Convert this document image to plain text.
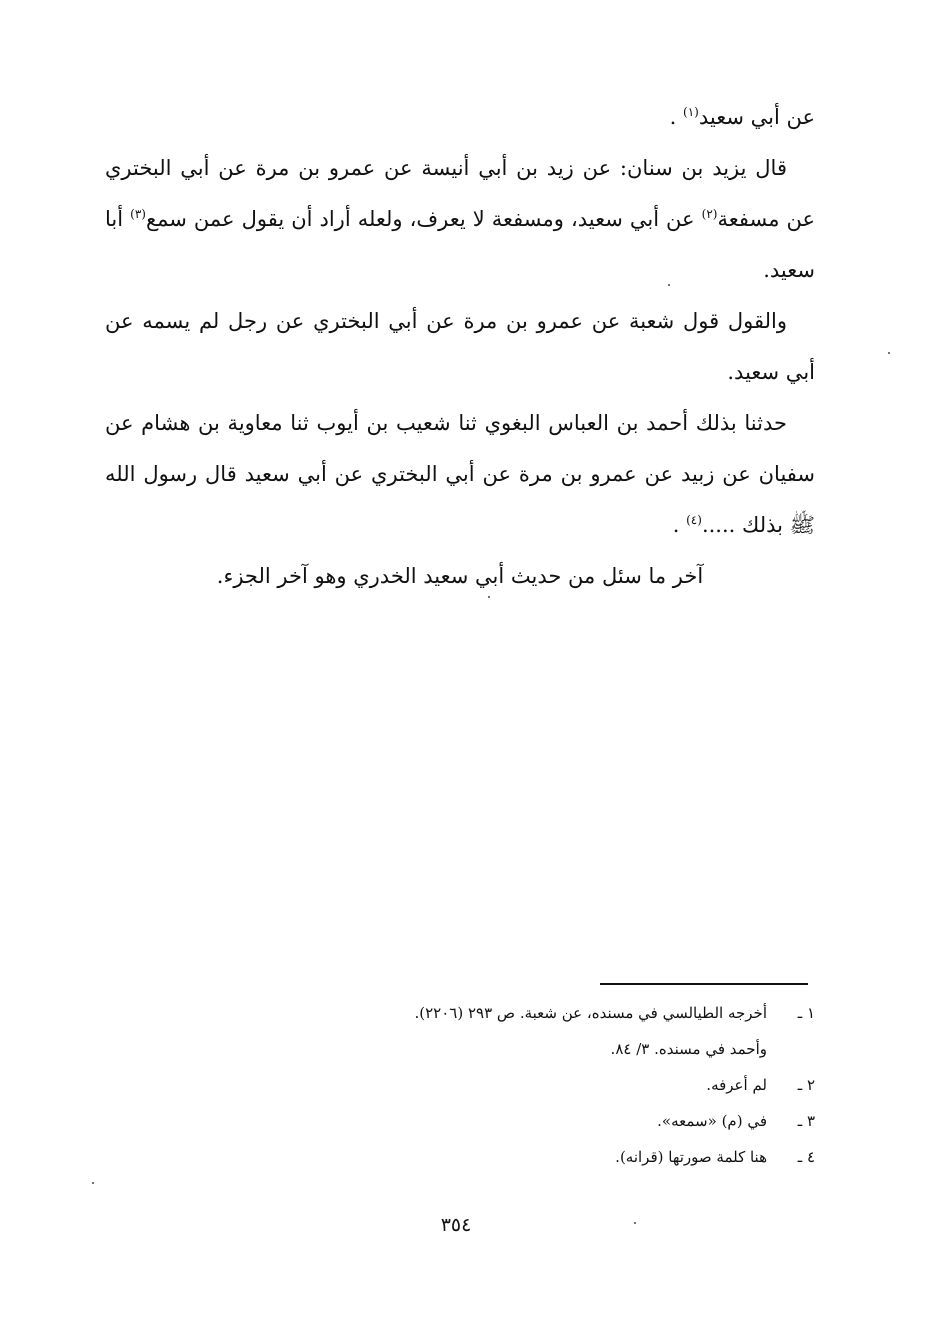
عن أبي سعيد$^{(١)}$ .

قال يزيد بن سنان: عن زيد بن أبي أنيسة عن عمرو بن مرة عن أبي البختري عن مسفعة$^{(٢)}$ عن أبي سعيد، ومسفعة لا يعرف، ولعله أراد أن يقول عمن سمع$^{(٣)}$ أبا سعيد.

والقول قول شعبة عن عمرو بن مرة عن أبي البختري عن رجل لم يسمه عن أبي سعيد.

حدثنا بذلك أحمد بن العباس البغوي ثنا شعيب بن أيوب ثنا معاوية بن هشام عن سفيان عن زبيد عن عمرو بن مرة عن أبي البختري عن أبي سعيد قال رسول الله ﷺ بذلك .....$^{(٤)}$ .

آخر ما سئل من حديث أبي سعيد الخدري وهو آخر الجزء.

١ ـ
أخرجه الطيالسي في مسنده، عن شعبة. ص ٢٩٣ (٢٢٠٦).
وأحمد في مسنده. ٣/ ٨٤.
٢ ـ
لم أعرفه.
٣ ـ
في (م) «سمعه».
٤ ـ
هنا كلمة صورتها (قرانه).
٣٥٤
